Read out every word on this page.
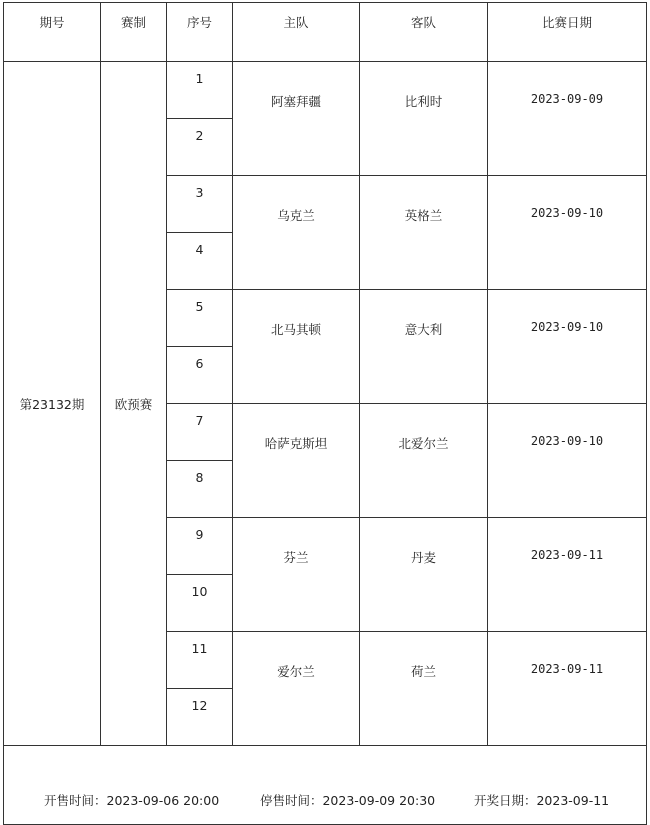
期号	赛制	序号	主队	客队	比赛日期
第23132期	欧预赛	1	阿塞拜疆	比利时	2023-09-09
		2			
		3	乌克兰	英格兰	2023-09-10
		4			
		5	北马其顿	意大利	2023-09-10
		6			
		7	哈萨克斯坦	北爱尔兰	2023-09-10
		8			
		9	芬兰	丹麦	2023-09-11
		10			
		11	爱尔兰	荷兰	2023-09-11
		12			

开售时间：2023-09-06 20:00 停售时间：2023-09-09 20:30 开奖日期：2023-09-11					
